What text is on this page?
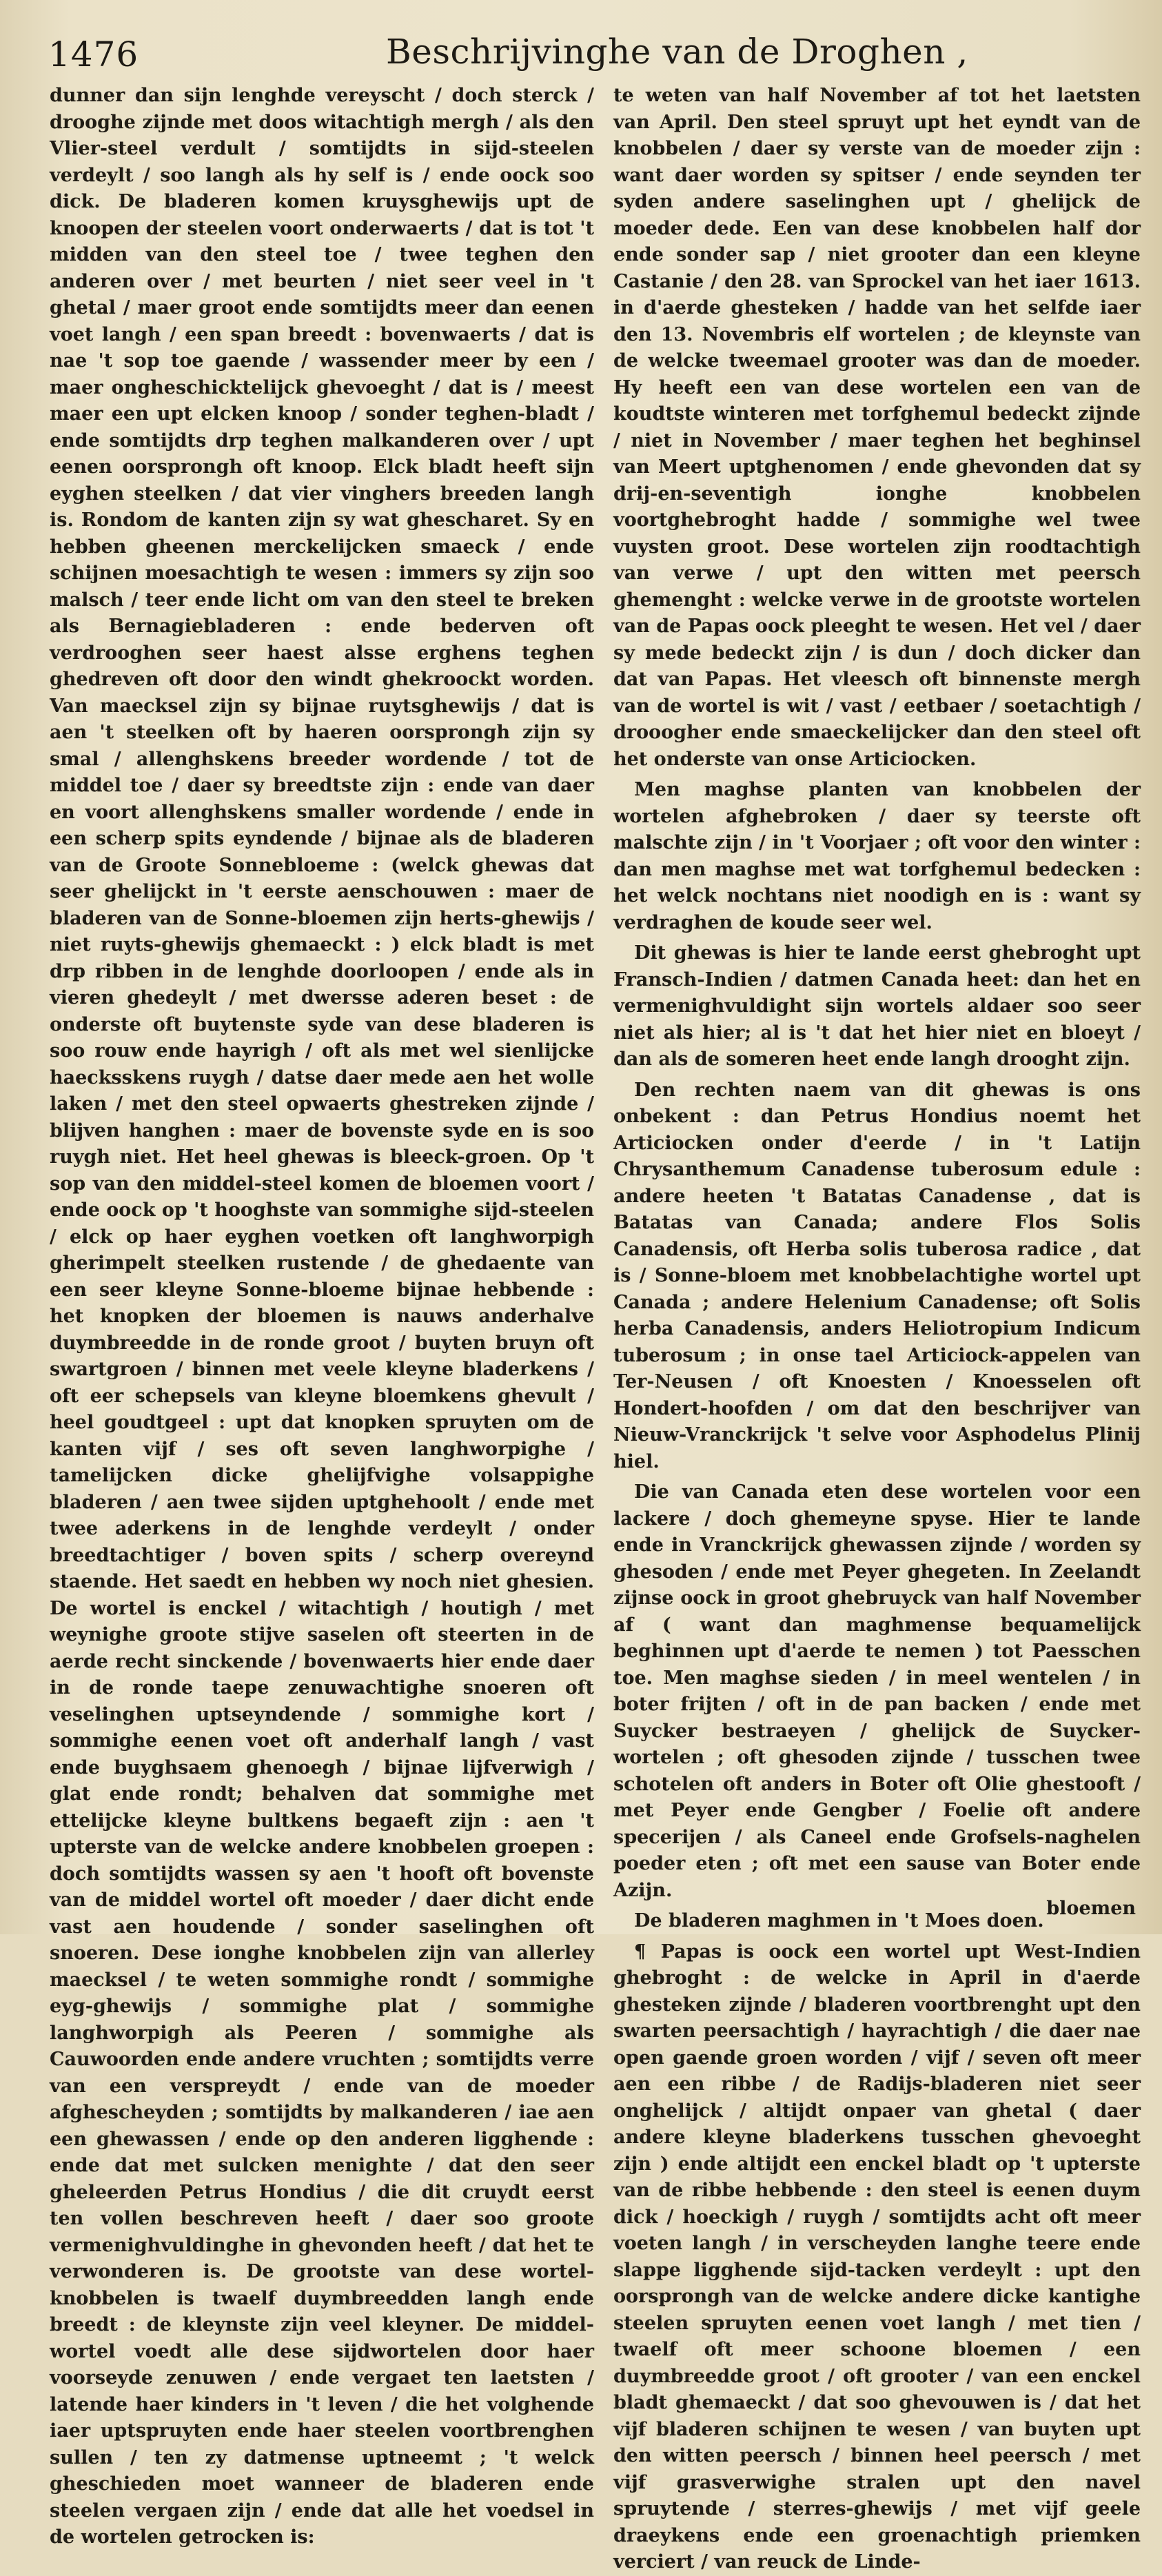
1476	Beschrijvinghe van de Droghen ,

dunner dan sijn lenghde vereyscht / doch sterck / drooghe zijnde met doos witachtigh mergh / als den Vlier-steel verdult / somtijdts in sijd-steelen verdeylt / soo langh als hy self is / ende oock soo dick. De bladeren komen kruysghewijs upt de knoopen der steelen voort onderwaerts / dat is tot 't midden van den steel toe / twee teghen den anderen over / met beurten / niet seer veel in 't ghetal / maer groot ende somtijdts meer dan eenen voet langh / een span breedt : bovenwaerts / dat is nae 't sop toe gaende / wassender meer by een / maer ongheschicktelijck ghevoeght / dat is / meest maer een upt elcken knoop / sonder teghen-bladt / ende somtijdts drp teghen malkanderen over / upt eenen oorsprongh oft knoop. Elck bladt heeft sijn eyghen steelken / dat vier vinghers breeden langh is. Rondom de kanten zijn sy wat ghescharet. Sy en hebben gheenen merckelijcken smaeck / ende schijnen moesachtigh te wesen : immers sy zijn soo malsch / teer ende licht om van den steel te breken als Bernagiebladeren : ende bederven oft verdrooghen seer haest alsse erghens teghen ghedreven oft door den windt ghekroockt worden. Van maecksel zijn sy bijnae ruytsghewijs / dat is aen 't steelken oft by haeren oorsprongh zijn sy smal / allenghskens breeder wordende / tot de middel toe / daer sy breedtste zijn : ende van daer en voort allenghskens smaller wordende / ende in een scherp spits eyndende / bijnae als de bladeren van de Groote Sonnebloeme : (welck ghewas dat seer ghelijckt in 't eerste aenschouwen : maer de bladeren van de Sonne-bloemen zijn herts-ghewijs / niet ruyts-ghewijs ghemaeckt : ) elck bladt is met drp ribben in de lenghde doorloopen / ende als in vieren ghedeylt / met dwersse aderen beset : de onderste oft buytenste syde van dese bladeren is soo rouw ende hayrigh / oft als met wel sienlijcke haecksskens ruygh / datse daer mede aen het wolle laken / met den steel opwaerts ghestreken zijnde / blijven hanghen : maer de bovenste syde en is soo ruygh niet. Het heel ghewas is bleeck-groen. Op 't sop van den middel-steel komen de bloemen voort / ende oock op 't hooghste van sommighe sijd-steelen / elck op haer eyghen voetken oft langhworpigh gherimpelt steelken rustende / de ghedaente van een seer kleyne Sonne-bloeme bijnae hebbende : het knopken der bloemen is nauws anderhalve duymbreedde in de ronde groot / buyten bruyn oft swartgroen / binnen met veele kleyne bladerkens / oft eer schepsels van kleyne bloemkens ghevult / heel goudtgeel : upt dat knopken spruyten om de kanten vijf / ses oft seven langhworpighe / tamelijcken dicke ghelijfvighe volsappighe bladeren / aen twee sijden uptghehoolt / ende met twee aderkens in de lenghde verdeylt / onder breedtachtiger / boven spits / scherp overeynd staende. Het saedt en hebben wy noch niet ghesien. De wortel is enckel / witachtigh / houtigh / met weynighe groote stijve saselen oft steerten in de aerde recht sinckende / bovenwaerts hier ende daer in de ronde taepe zenuwachtighe snoeren oft veselinghen uptseyndende / sommighe kort / sommighe eenen voet oft anderhalf langh / vast ende buyghsaem ghenoegh / bijnae lijfverwigh / glat ende rondt; behalven dat sommighe met ettelijcke kleyne bultkens begaeft zijn : aen 't upterste van de welcke andere knobbelen groepen : doch somtijdts wassen sy aen 't hooft oft bovenste van de middel wortel oft moeder / daer dicht ende vast aen houdende / sonder saselinghen oft snoeren. Dese ionghe knobbelen zijn van allerley maecksel / te weten sommighe rondt / sommighe eyg-ghewijs / sommighe plat / sommighe langhworpigh als Peeren / sommighe als Cauwoorden ende andere vruchten ; somtijdts verre van een verspreydt / ende van de moeder afghescheyden ; somtijdts by malkanderen / iae aen een ghewassen / ende op den anderen ligghende : ende dat met sulcken menighte / dat den seer gheleerden Petrus Hondius / die dit cruydt eerst ten vollen beschreven heeft / daer soo groote vermenighvuldinghe in ghevonden heeft / dat het te verwonderen is. De grootste van dese wortel-knobbelen is twaelf duymbreedden langh ende breedt : de kleynste zijn veel kleyner. De middel-wortel voedt alle dese sijdwortelen door haer voorseyde zenuwen / ende vergaet ten laetsten / latende haer kinders in 't leven / die het volghende iaer uptspruyten ende haer steelen voortbrenghen sullen / ten zy datmense uptneemt ; 't welck gheschieden moet wanneer de bladeren ende steelen vergaen zijn / ende dat alle het voedsel in de wortelen getrocken is:

te weten van half November af tot het laetsten van April. Den steel spruyt upt het eyndt van de knobbelen / daer sy verste van de moeder zijn : want daer worden sy spitser / ende seynden ter syden andere saselinghen upt / ghelijck de moeder dede. Een van dese knobbelen half dor ende sonder sap / niet grooter dan een kleyne Castanie / den 28. van Sprockel van het iaer 1613. in d'aerde ghesteken / hadde van het selfde iaer den 13. Novembris elf wortelen ; de kleynste van de welcke tweemael grooter was dan de moeder. Hy heeft een van dese wortelen een van de koudtste winteren met torfghemul bedeckt zijnde / niet in November / maer teghen het beghinsel van Meert uptghenomen / ende ghevonden dat sy drij-en-seventigh ionghe knobbelen voortghebroght hadde / sommighe wel twee vuysten groot. Dese wortelen zijn roodtachtigh van verwe / upt den witten met peersch ghemenght : welcke verwe in de grootste wortelen van de Papas oock pleeght te wesen. Het vel / daer sy mede bedeckt zijn / is dun / doch dicker dan dat van Papas. Het vleesch oft binnenste mergh van de wortel is wit / vast / eetbaer / soetachtigh / drooogher ende smaeckelijcker dan den steel oft het onderste van onse Articiocken.

Men maghse planten van knobbelen der wortelen afghebroken / daer sy teerste oft malschte zijn / in 't Voorjaer ; oft voor den winter : dan men maghse met wat torfghemul bedecken : het welck nochtans niet noodigh en is : want sy verdraghen de koude seer wel.

Dit ghewas is hier te lande eerst ghebroght upt Fransch-Indien / datmen Canada heet: dan het en vermenighvuldight sijn wortels aldaer soo seer niet als hier; al is 't dat het hier niet en bloeyt / dan als de someren heet ende langh drooght zijn.

Den rechten naem van dit ghewas is ons onbekent : dan Petrus Hondius noemt het Articiocken onder d'eerde / in 't Latijn Chrysanthemum Canadense tuberosum edule : andere heeten 't Batatas Canadense , dat is Batatas van Canada; andere Flos Solis Canadensis, oft Herba solis tuberosa radice , dat is / Sonne-bloem met knobbelachtighe wortel upt Canada ; andere Helenium Canadense; oft Solis herba Canadensis, anders Heliotropium Indicum tuberosum ; in onse tael Articiock-appelen van Ter-Neusen / oft Knoesten / Knoesselen oft Hondert-hoofden / om dat den beschrijver van Nieuw-Vranckrijck 't selve voor Asphodelus Plinij hiel.

Die van Canada eten dese wortelen voor een lackere / doch ghemeyne spyse. Hier te lande ende in Vranckrijck ghewassen zijnde / worden sy ghesoden / ende met Peyer ghegeten. In Zeelandt zijnse oock in groot ghebruyck van half November af ( want dan maghmense bequamelijck beghinnen upt d'aerde te nemen ) tot Paesschen toe. Men maghse sieden / in meel wentelen / in boter frijten / oft in de pan backen / ende met Suycker bestraeyen / ghelijck de Suycker-wortelen ; oft ghesoden zijnde / tusschen twee schotelen oft anders in Boter oft Olie ghestooft / met Peyer ende Gengber / Foelie oft andere specerijen / als Caneel ende Grofsels-naghelen poeder eten ; oft met een sause van Boter ende Azijn.

De bladeren maghmen in 't Moes doen.

¶ Papas is oock een wortel upt West-Indien ghebroght : de welcke in April in d'aerde ghesteken zijnde / bladeren voortbrenght upt den swarten peersachtigh / hayrachtigh / die daer nae open gaende groen worden / vijf / seven oft meer aen een ribbe / de Radijs-bladeren niet seer onghelijck / altijdt onpaer van ghetal ( daer andere kleyne bladerkens tusschen ghevoeght zijn ) ende altijdt een enckel bladt op 't upterste van de ribbe hebbende : den steel is eenen duym dick / hoeckigh / ruygh / somtijdts acht oft meer voeten langh / in verscheyden langhe teere ende slappe ligghende sijd-tacken verdeylt : upt den oorsprongh van de welcke andere dicke kantighe steelen spruyten eenen voet langh / met tien / twaelf oft meer schoone bloemen / een duymbreedde groot / oft grooter / van een enckel bladt ghemaeckt / dat soo ghevouwen is / dat het vijf bladeren schijnen te wesen / van buyten upt den witten peersch / binnen heel peersch / met vijf grasverwighe stralen upt den navel spruytende / sterres-ghewijs / met vijf geele draeykens ende een groenachtigh priemken verciert / van reuck de Linde-

bloemen
